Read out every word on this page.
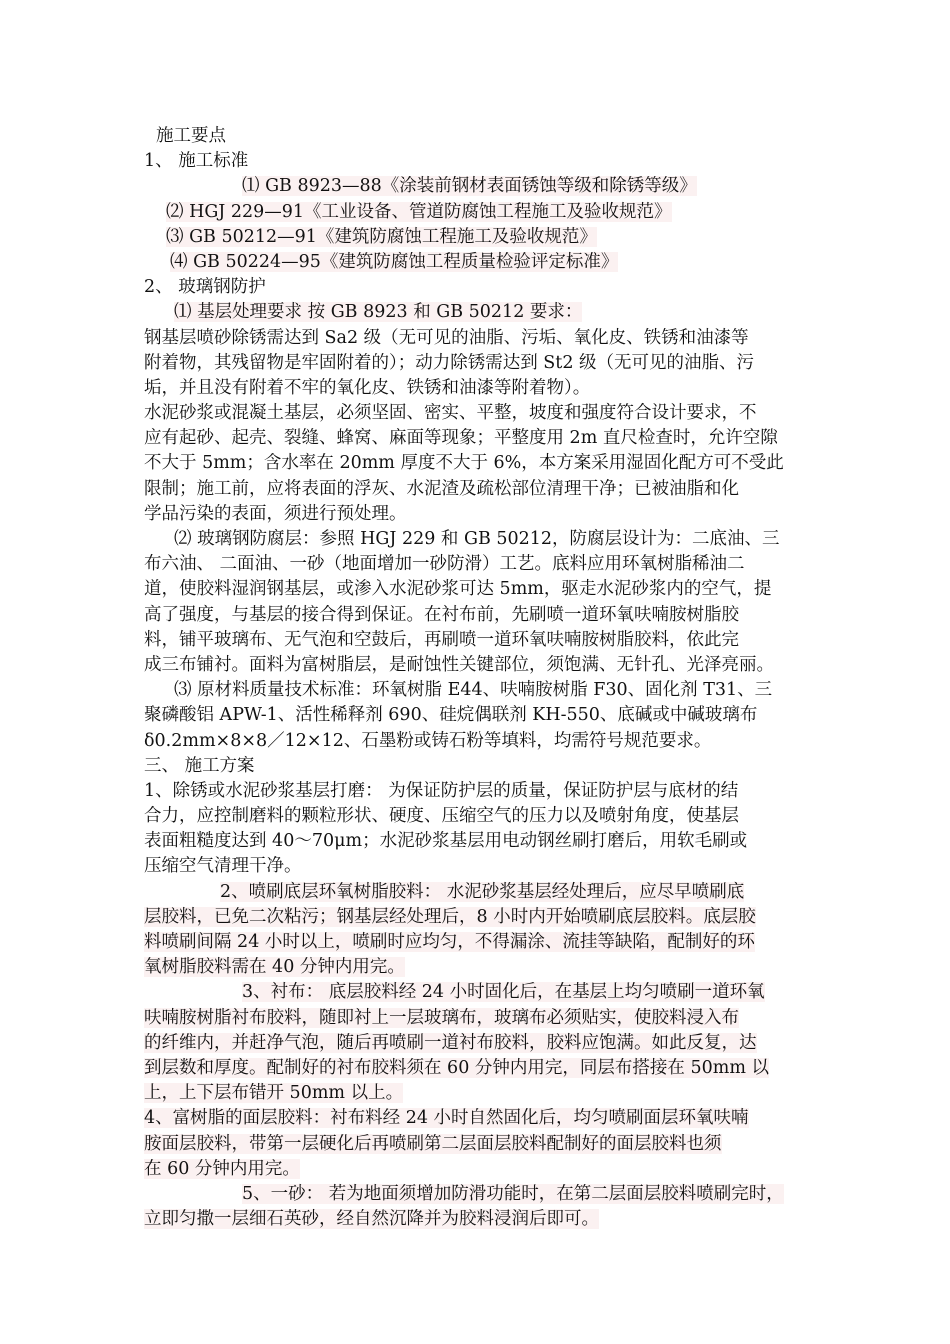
施工要点
1、 施工标准
⑴ GB 8923—88《涂装前钢材表面锈蚀等级和除锈等级》
⑵ HGJ 229—91《工业设备、管道防腐蚀工程施工及验收规范》
⑶ GB 50212—91《建筑防腐蚀工程施工及验收规范》
⑷ GB 50224—95《建筑防腐蚀工程质量检验评定标准》
2、 玻璃钢防护
⑴ 基层处理要求 按 GB 8923 和 GB 50212 要求：
钢基层喷砂除锈需达到 Sa2 级（无可见的油脂、污垢、氧化皮、铁锈和油漆等
附着物，其残留物是牢固附着的）；动力除锈需达到 St2 级（无可见的油脂、污
垢，并且没有附着不牢的氧化皮、铁锈和油漆等附着物）。
水泥砂浆或混凝土基层，必须坚固、密实、平整，坡度和强度符合设计要求，不
应有起砂、起壳、裂缝、蜂窝、麻面等现象；平整度用 2m 直尺检查时，允许空隙
不大于 5mm；含水率在 20mm 厚度不大于 6%，本方案采用湿固化配方可不受此
限制；施工前，应将表面的浮灰、水泥渣及疏松部位清理干净；已被油脂和化
学品污染的表面，须进行预处理。
⑵ 玻璃钢防腐层：参照 HGJ 229 和 GB 50212，防腐层设计为：二底油、三
布六油、 二面油、一砂（地面增加一砂防滑）工艺。底料应用环氧树脂稀油二
道，使胶料湿润钢基层，或渗入水泥砂浆可达 5mm，驱走水泥砂浆内的空气，提
高了强度，与基层的接合得到保证。在衬布前，先刷喷一道环氧呋喃胺树脂胶
料，铺平玻璃布、无气泡和空鼓后，再刷喷一道环氧呋喃胺树脂胶料，依此完
成三布铺衬。面料为富树脂层，是耐蚀性关键部位，须饱满、无针孔、光泽亮丽。
⑶ 原材料质量技术标准：环氧树脂 E44、呋喃胺树脂 F30、固化剂 T31、三
聚磷酸铝 APW-1、活性稀释剂 690、硅烷偶联剂 KH-550、底碱或中碱玻璃布
δ0.2mm×8×8／12×12、石墨粉或铸石粉等填料，均需符号规范要求。
三、 施工方案
1、除锈或水泥砂浆基层打磨： 为保证防护层的质量，保证防护层与底材的结
合力，应控制磨料的颗粒形状、硬度、压缩空气的压力以及喷射角度，使基层
表面粗糙度达到 40～70μm；水泥砂浆基层用电动钢丝刷打磨后，用软毛刷或
压缩空气清理干净。
2、喷刷底层环氧树脂胶料： 水泥砂浆基层经处理后，应尽早喷刷底
层胶料，已免二次粘污；钢基层经处理后，8 小时内开始喷刷底层胶料。底层胶
料喷刷间隔 24 小时以上，喷刷时应均匀，不得漏涂、流挂等缺陷，配制好的环
氧树脂胶料需在 40 分钟内用完。
3、衬布： 底层胶料经 24 小时固化后，在基层上均匀喷刷一道环氧
呋喃胺树脂衬布胶料，随即衬上一层玻璃布，玻璃布必须贴实，使胶料浸入布
的纤维内，并赶净气泡，随后再喷刷一道衬布胶料，胶料应饱满。如此反复，达
到层数和厚度。配制好的衬布胶料须在 60 分钟内用完，同层布搭接在 50mm 以
上，上下层布错开 50mm 以上。
4、富树脂的面层胶料：衬布料经 24 小时自然固化后，均匀喷刷面层环氧呋喃
胺面层胶料，带第一层硬化后再喷刷第二层面层胶料配制好的面层胶料也须
在 60 分钟内用完。
5、一砂： 若为地面须增加防滑功能时，在第二层面层胶料喷刷完时，
立即匀撒一层细石英砂，经自然沉降并为胶料浸润后即可。
